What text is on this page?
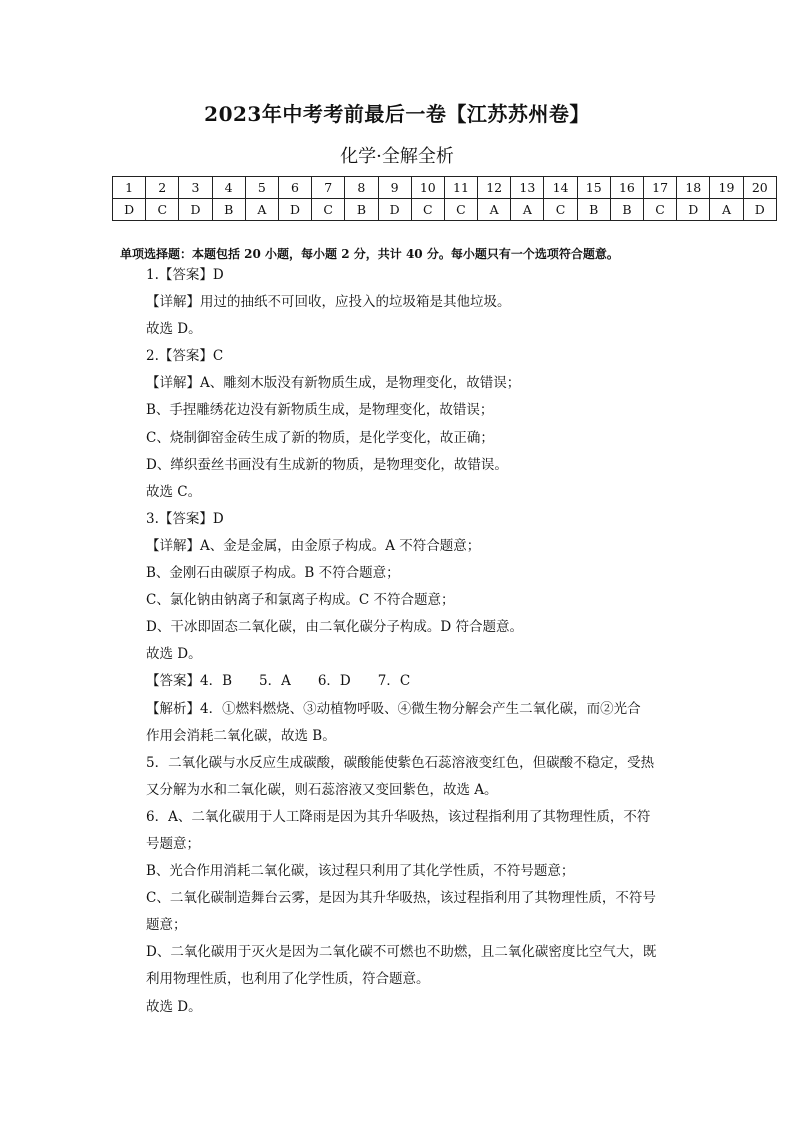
2023年中考考前最后一卷【江苏苏州卷】
化学·全解全析
1	2	3	4	5	6	7	8	9	10	11	12	13	14	15	16	17	18	19	20
D	C	D	B	A	D	C	B	D	C	C	A	A	C	B	B	C	D	A	D
单项选择题：本题包括 20 小题，每小题 2 分，共计 40 分。每小题只有一个选项符合题意。
1.【答案】D
【详解】用过的抽纸不可回收，应投入的垃圾箱是其他垃圾。
故选 D。
2.【答案】C
【详解】A、雕刻木版没有新物质生成，是物理变化，故错误；
B、手捏雕绣花边没有新物质生成，是物理变化，故错误；
C、烧制御窑金砖生成了新的物质，是化学变化，故正确；
D、缂织蚕丝书画没有生成新的物质，是物理变化，故错误。
故选 C。
3.【答案】D
【详解】A、金是金属，由金原子构成。A 不符合题意；
B、金刚石由碳原子构成。B 不符合题意；
C、氯化钠由钠离子和氯离子构成。C 不符合题意；
D、干冰即固态二氧化碳，由二氧化碳分子构成。D 符合题意。
故选 D。
【答案】4．B　　5．A　　6．D　　7．C
【解析】4．①燃料燃烧、③动植物呼吸、④微生物分解会产生二氧化碳，而②光合
作用会消耗二氧化碳，故选 B。
5．二氧化碳与水反应生成碳酸，碳酸能使紫色石蕊溶液变红色，但碳酸不稳定，受热
又分解为水和二氧化碳，则石蕊溶液又变回紫色，故选 A。
6．A、二氧化碳用于人工降雨是因为其升华吸热，该过程指利用了其物理性质，不符
号题意；
B、光合作用消耗二氧化碳，该过程只利用了其化学性质，不符号题意；
C、二氧化碳制造舞台云雾，是因为其升华吸热，该过程指利用了其物理性质，不符号
题意；
D、二氧化碳用于灭火是因为二氧化碳不可燃也不助燃，且二氧化碳密度比空气大，既
利用物理性质，也利用了化学性质，符合题意。
故选 D。
